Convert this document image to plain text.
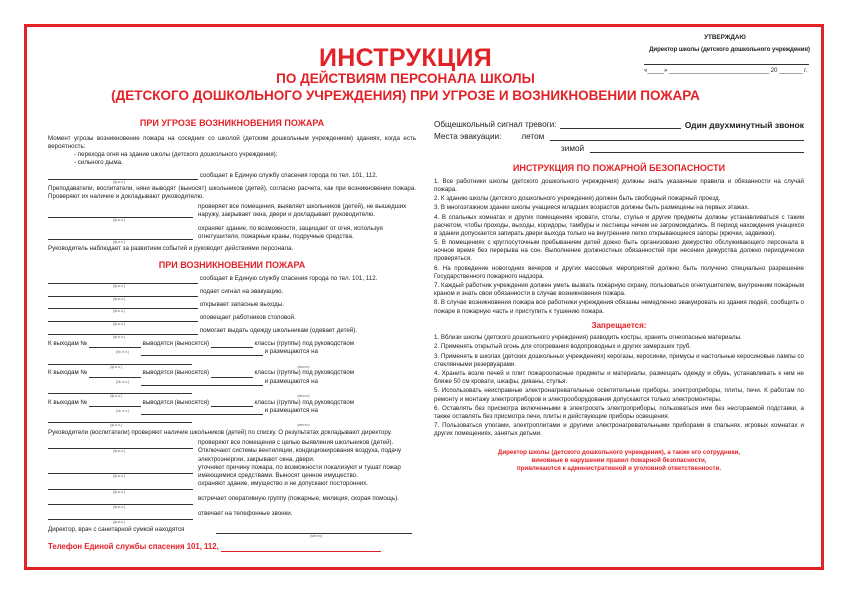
УТВЕРЖДАЮ
Директор школы (детского дошкольного учреждения)
«_____» ______________________________ 20 _______ г.
ИНСТРУКЦИЯ
ПО ДЕЙСТВИЯМ ПЕРСОНАЛА ШКОЛЫ
(ДЕТСКОГО ДОШКОЛЬНОГО УЧРЕЖДЕНИЯ) ПРИ УГРОЗЕ И ВОЗНИКНОВЕНИИ ПОЖАРА
ПРИ УГРОЗЕ ВОЗНИКНОВЕНИЯ ПОЖАРА

Момент угрозы возникновение пожара на соседних со школой (детским дошкольным учреждением) зданиях, когда есть вероятность:

- перехода огня на здание школы (детского дошкольного учреждения);

- сильного дыма.

сообщает в Единую службу спасения города по тел. 101, 112.
(ф.и.о.)

Преподаватели, воспитатели, няни выводят (выносят) школьников (детей), согласно расчета, как при возникновении пожара. Проверяют их наличие и докладывают руководителю.

(ф.и.о.)
проверяет все помещения, выявляет школьников (детей), не вышедших наружу, закрывает окна, двери и докладывает руководителю.
(ф.и.о.)
охраняет здание, по возможности, защищает от огня, используя огнетушители, пожарные краны, подручные средства.

Руководитель наблюдает за развитием событий и руководит действиями персонала.

ПРИ ВОЗНИКНОВЕНИИ ПОЖАРА
сообщает в Единую службу спасения города по тел. 101, 112.
(ф.и.о.)
подает сигнал на эвакуацию.
(ф.и.о.)
открывает запасные выходы.
(ф.и.о.)
оповещает работников столовой.
(ф.и.о.)
помогает выдать одежду школьникам (одевает детей).
(ф.и.о.)
К выходам №	выводятся (выносятся)	классы (группы) под руководством
(№ п.п.)	и размещаются на
(ф.и.о.)	(место)
К выходам №	выводятся (выносятся)	классы (группы) под руководством
(№ п.п.)	и размещаются на
(ф.и.о.)	(место)
К выходам №	выводятся (выносятся)	классы (группы) под руководством
(№ п.п.)	и размещаются на
(ф.и.о.)	(место)

Руководители (воспитатели) проверяют наличие школьников (детей) по списку. О результатах докладывают директору.

(ф.и.о.)
проверяют все помещения с целью выявления школьников (детей). Отключают системы вентиляции, кондиционирования воздуха, подачу электроэнергии, закрывают окна, двери.
(ф.и.о.)
уточняют причину пожара, по возможности локализуют и тушат пожар имеющимися средствами. Выносят ценное имущество.
(ф.и.о.)
охраняют здание, имущество и не допускают посторонних.
(ф.и.о.)
встречает оперативную группу (пожарные, милиция, скорая помощь).
(ф.и.о.)
отвечает на телефонные звонки.
Директор, врач с санитарной сумкой находятся
(место)
Телефон Единой службы спасения 101, 112,
Общешкольный сигнал тревоги:	Один двухминутный звонок
Места эвакуации: летом
зимой
ИНСТРУКЦИЯ ПО ПОЖАРНОЙ БЕЗОПАСНОСТИ

1. Все работники школы (детского дошкольного учреждения) должны знать указанные правила и обязанности на случай пожара.

2. К зданию школы (детского дошкольного учреждения) должен быть свободный пожарный проезд.

3. В многоэтажном здании школы учащиеся младших возрастов должны быть размещены на первых этажах.

4. В спальных комнатах и других помещениях кровати, столы, стулья и другие предметы должны устанавливаться с таким расчетом, чтобы проходы, выходы, коридоры, тамбуры и лестницы ничем не загромождались. В период нахождения учащихся в здании допускается запирать двери выхода только на внутренние легко открывающиеся запоры (крючки, задвижки).

5. В помещениях с круглосуточным пребыванием детей дожно быть организовано дежурство обслуживающего персонала в ночное время без перерыва на сон. Выполнение должностных обязанностей при несении дежурства должно периодически проверяться.

6. На проведение новогодних вечеров и других массовых мероприятий должно быть получено специально разрешение Государственного пожарного надзора.

7. Каждый работник учреждения должен уметь вызвать пожарную охрану, пользоваться огнетушителем, внутренним пожарным краном и знать свои обязанности в случае возникновения пожара.

8. В случае возникновения пожара все работники учреждения обязаны немедленно эвакуировать из здания людей, сообщить о пожаре в пожарную часть и приступить к тушению пожара.

Запрещается:

1. Вблизи школы (детского дошкольного учреждения) разводить костры, хранить огнеопасные материалы.

2. Применять открытый огонь для отогревания водопроводных и других замерзших труб.

3. Применять в школах (детских дошкольных учреждениях) керогазы, керосинки, примусы и настольные керосиновые лампы со стеклянными резервуарами.

4. Хранить возле печей и плит пожароопасные предметы и материалы, размещать одежду и обувь, устанавливать к ним не ближе 50 см кровати, шкафы, диваны, стулья.

5. Использовать неисправные электронагревательные осветительные приборы, электроприборы, плиты, печи. К работам по ремонту и монтажу электроприборов и электрооборудования допускаются только электромонтеры.

6. Оставлять без присмотра включенными в электросеть электроприборы, пользоваться ими без несгораемой подставки, а также оставлять без присмотра печи, плиты и действующие приборы освещения.

7. Пользоваться утюгами, электроплитами и другими электронагревательными приборами в спальнях, игровых комнатах и других помещениях, занятых детьми.

Директор школы (детского дошкольного учреждения), а также его сотрудники,
виновные в нарушении правил пожарной безопасности,
привлекаются к административной и уголовной ответственности.
